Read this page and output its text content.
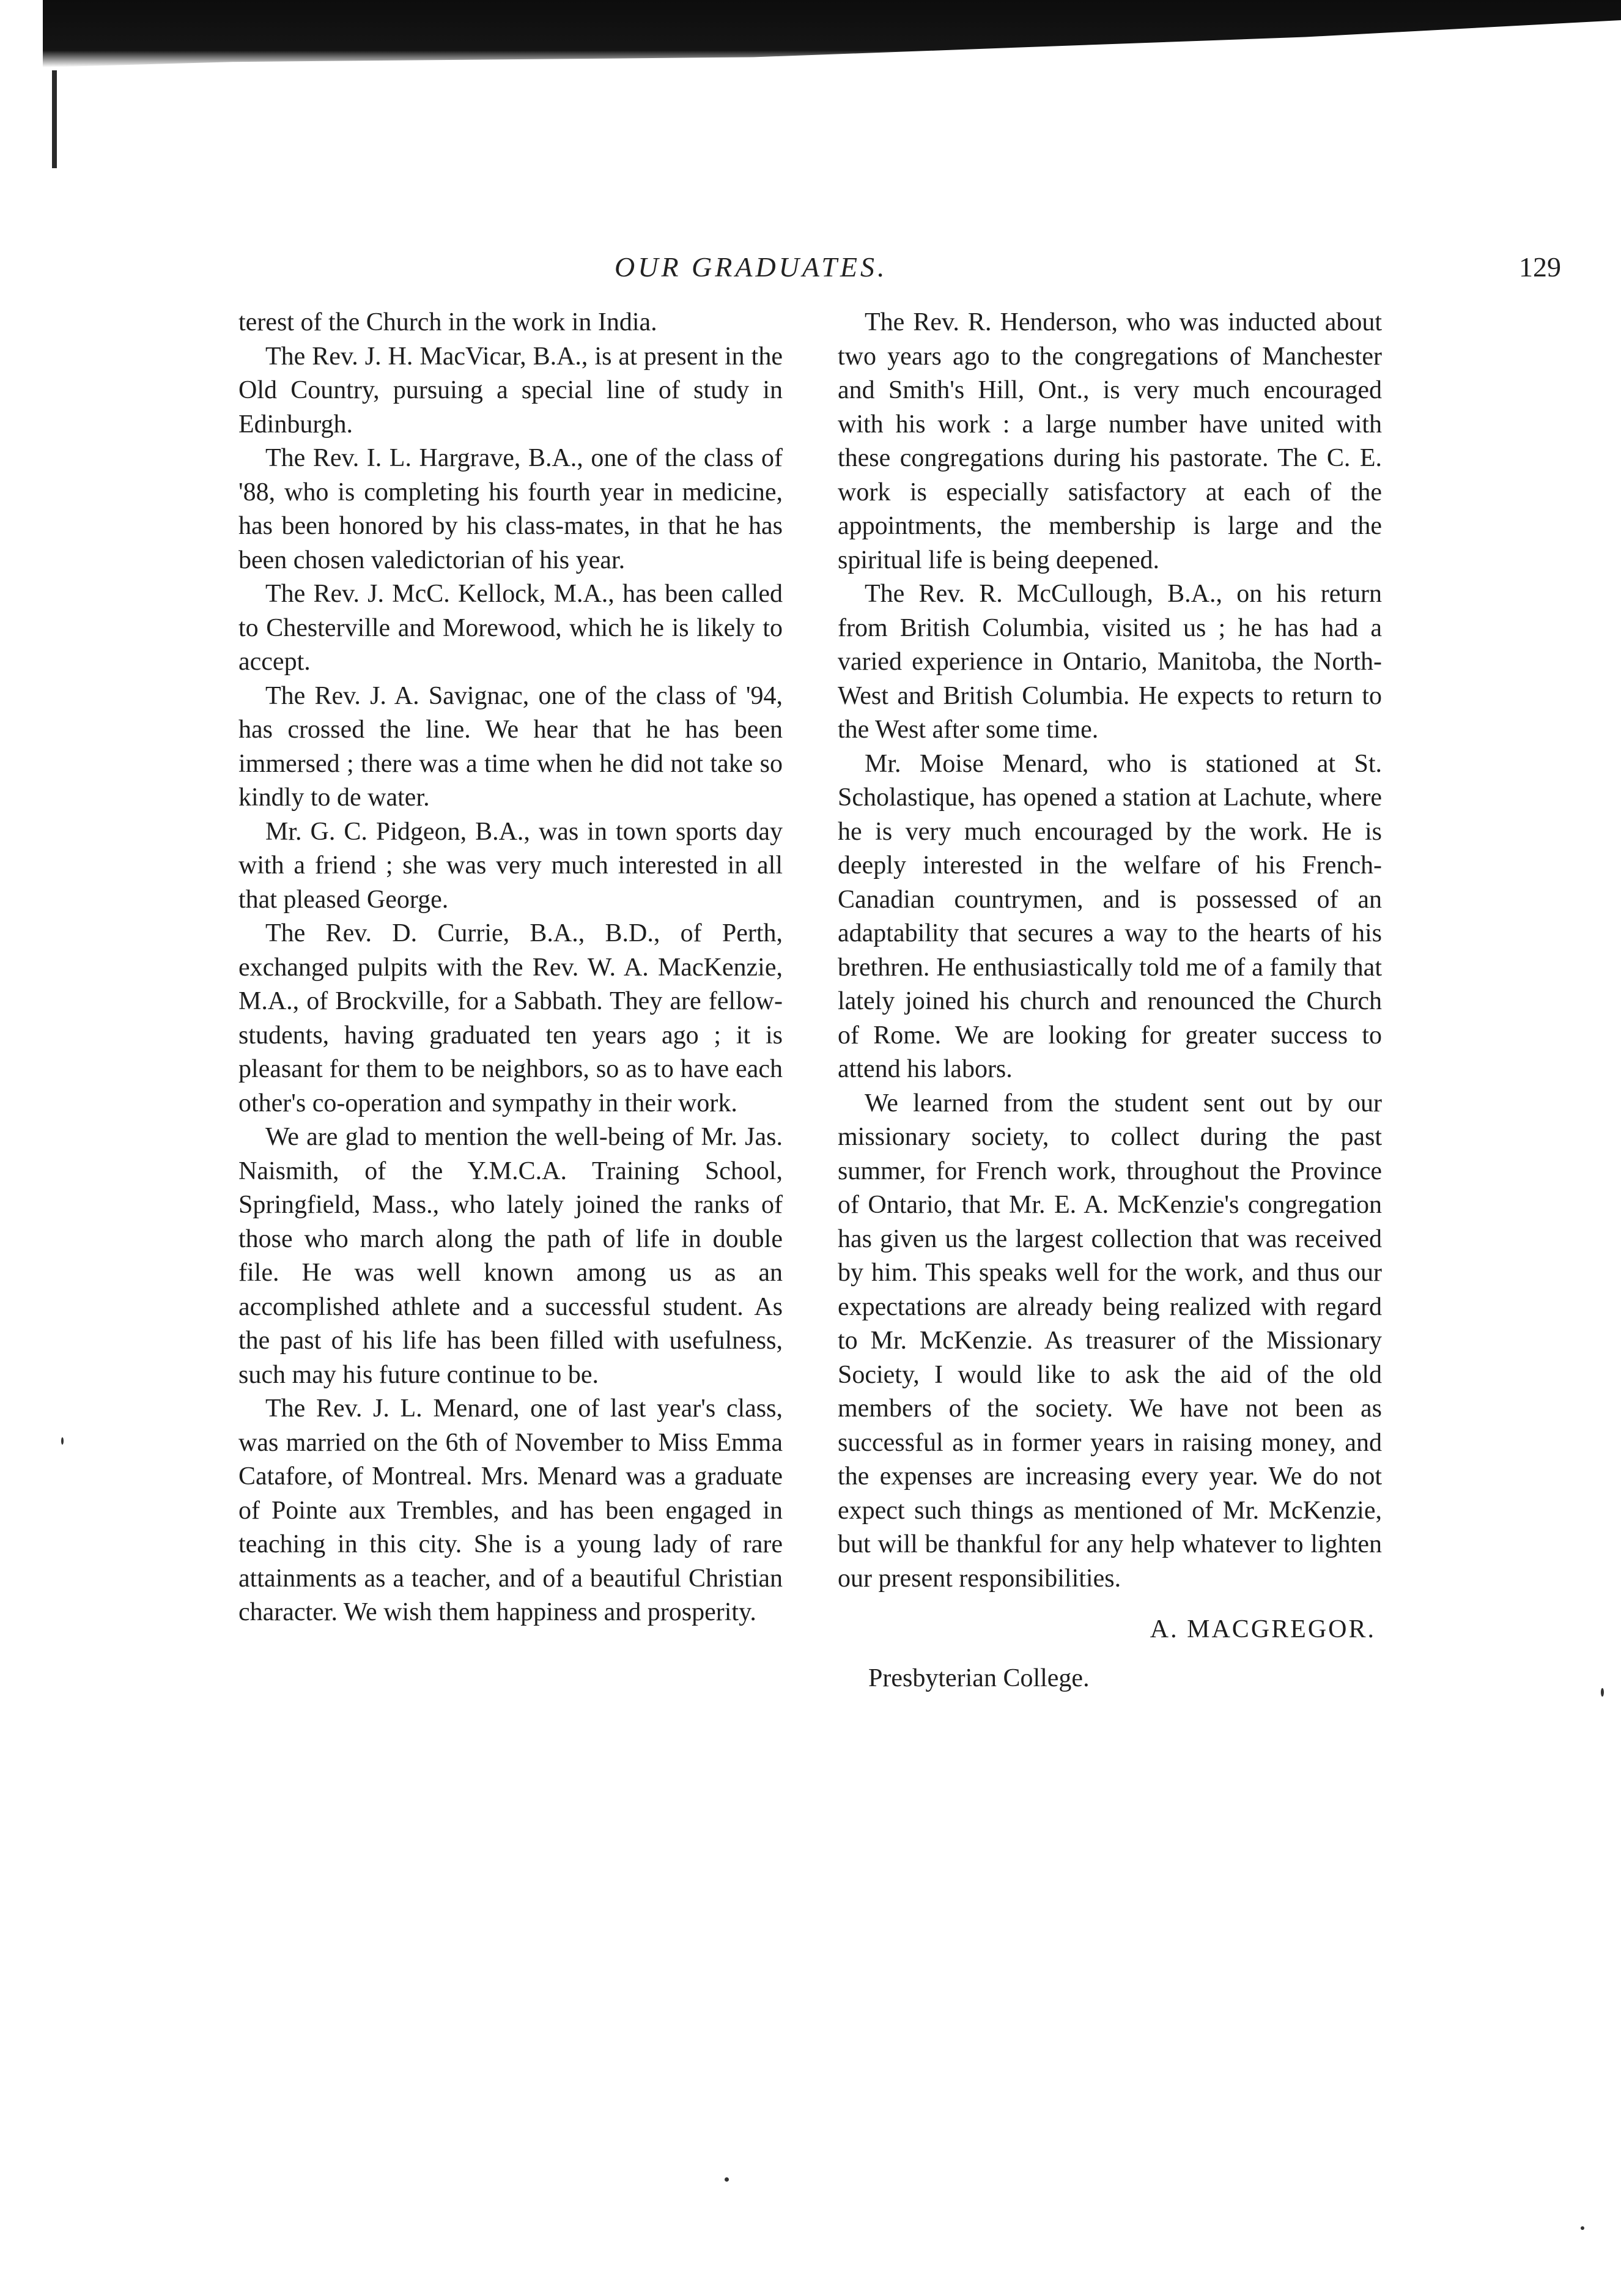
OUR GRADUATES.	129

terest of the Church in the work in India.

The Rev. J. H. MacVicar, B.A., is at present in the Old Country, pursuing a special line of study in Edinburgh.

The Rev. I. L. Hargrave, B.A., one of the class of '88, who is completing his fourth year in medicine, has been honored by his class-mates, in that he has been chosen valedictorian of his year.

The Rev. J. McC. Kellock, M.A., has been called to Chesterville and Morewood, which he is likely to accept.

The Rev. J. A. Savignac, one of the class of '94, has crossed the line. We hear that he has been immersed ; there was a time when he did not take so kindly to de water.

Mr. G. C. Pidgeon, B.A., was in town sports day with a friend ; she was very much interested in all that pleased George.

The Rev. D. Currie, B.A., B.D., of Perth, exchanged pulpits with the Rev. W. A. MacKenzie, M.A., of Brockville, for a Sabbath. They are fellow-students, having graduated ten years ago ; it is pleasant for them to be neighbors, so as to have each other's co-operation and sympathy in their work.

We are glad to mention the well-being of Mr. Jas. Naismith, of the Y.M.C.A. Training School, Springfield, Mass., who lately joined the ranks of those who march along the path of life in double file. He was well known among us as an accomplished athlete and a successful student. As the past of his life has been filled with usefulness, such may his future continue to be.

The Rev. J. L. Menard, one of last year's class, was married on the 6th of November to Miss Emma Catafore, of Montreal. Mrs. Menard was a graduate of Pointe aux Trembles, and has been engaged in teaching in this city. She is a young lady of rare attainments as a teacher, and of a beautiful Christian character. We wish them happiness and prosperity.

The Rev. R. Henderson, who was inducted about two years ago to the congregations of Manchester and Smith's Hill, Ont., is very much encouraged with his work : a large number have united with these congregations during his pastorate. The C. E. work is especially satisfactory at each of the appointments, the membership is large and the spiritual life is being deepened.

The Rev. R. McCullough, B.A., on his return from British Columbia, visited us ; he has had a varied experience in Ontario, Manitoba, the North-West and British Columbia. He expects to return to the West after some time.

Mr. Moise Menard, who is stationed at St. Scholastique, has opened a station at Lachute, where he is very much encouraged by the work. He is deeply interested in the welfare of his French-Canadian countrymen, and is possessed of an adaptability that secures a way to the hearts of his brethren. He enthusiastically told me of a family that lately joined his church and renounced the Church of Rome. We are looking for greater success to attend his labors.

We learned from the student sent out by our missionary society, to collect during the past summer, for French work, throughout the Province of Ontario, that Mr. E. A. McKenzie's congregation has given us the largest collection that was received by him. This speaks well for the work, and thus our expectations are already being realized with regard to Mr. McKenzie. As treasurer of the Missionary Society, I would like to ask the aid of the old members of the society. We have not been as successful as in former years in raising money, and the expenses are increasing every year. We do not expect such things as mentioned of Mr. McKenzie, but will be thankful for any help whatever to lighten our present responsibilities.

A. MACGREGOR.

Presbyterian College.
